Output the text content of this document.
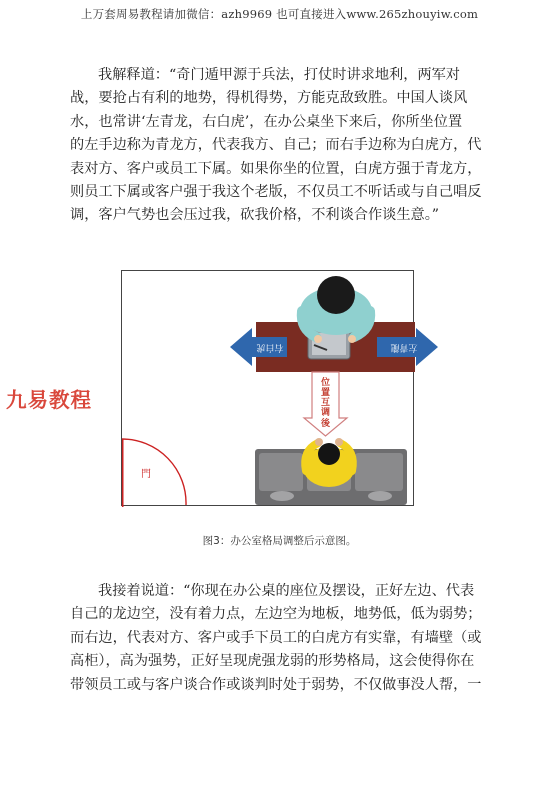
上万套周易教程请加微信：azh9969 也可直接进入www.265zhouyiw.com
我解释道：“奇门遁甲源于兵法，打仗时讲求地利，两军对
战，要抢占有利的地势，得机得势，方能克敌致胜。中国人谈风
水，也常讲‘左青龙，右白虎’，在办公桌坐下来后，你所坐位置
的左手边称为青龙方，代表我方、自己；而右手边称为白虎方，代
表对方、客户或员工下属。如果你坐的位置，白虎方强于青龙方，
则员工下属或客户强于我这个老版，不仅员工不听话或与自己唱反
调，客户气势也会压过我，砍我价格，不利谈合作谈生意。”
右白虎	左青龍
位
置
互
调
後
門
九易教程
图3：办公室格局调整后示意图。
我接着说道：“你现在办公桌的座位及摆设，正好左边、代表
自己的龙边空，没有着力点，左边空为地板，地势低，低为弱势；
而右边，代表对方、客户或手下员工的白虎方有实靠，有墙壁（或
高柜），高为强势，正好呈现虎强龙弱的形势格局，这会使得你在
带领员工或与客户谈合作或谈判时处于弱势，不仅做事没人帮，一
